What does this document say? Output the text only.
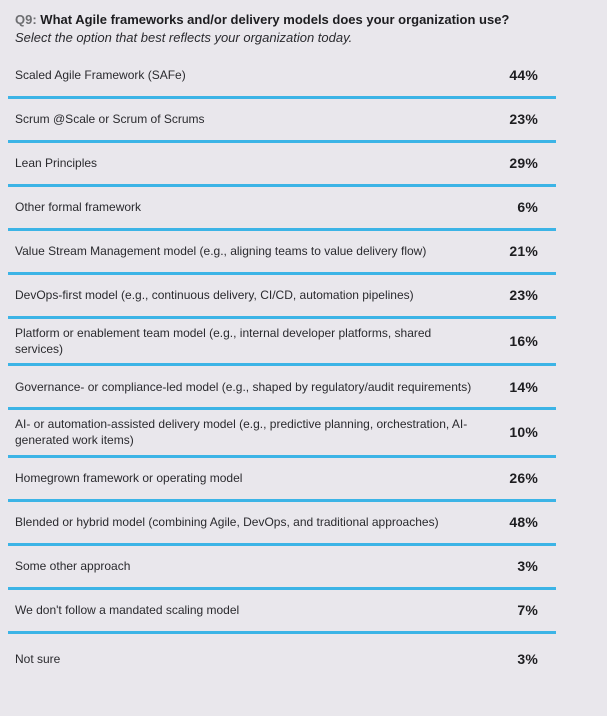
Q9: What Agile frameworks and/or delivery models does your organization use? Select the option that best reflects your organization today.

Scaled Agile Framework (SAFe)	44%
Scrum @Scale or Scrum of Scrums	23%
Lean Principles	29%
Other formal framework	6%
Value Stream Management model (e.g., aligning teams to value delivery flow)	21%
DevOps-first model (e.g., continuous delivery, CI/CD, automation pipelines)	23%
Platform or enablement team model (e.g., internal developer platforms, shared services)	16%
Governance- or compliance-led model (e.g., shaped by regulatory/audit requirements)	14%
AI- or automation-assisted delivery model (e.g., predictive planning, orchestration, AI-generated work items)	10%
Homegrown framework or operating model	26%
Blended or hybrid model (combining Agile, DevOps, and traditional approaches)	48%
Some other approach	3%
We don't follow a mandated scaling model	7%
Not sure	3%
